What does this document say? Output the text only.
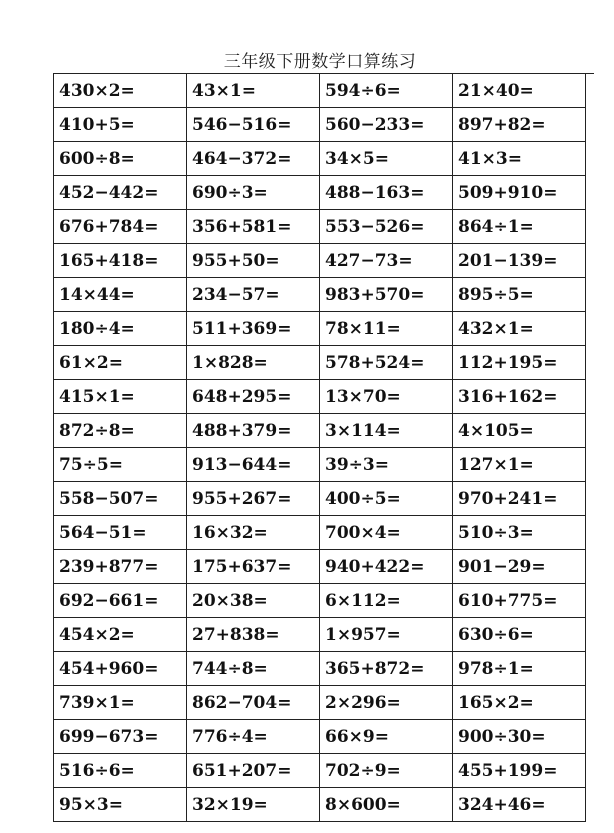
三年级下册数学口算练习
430×2=	43×1=	594÷6=	21×40=
410+5=	546−516=	560−233=	897+82=
600÷8=	464−372=	34×5=	41×3=
452−442=	690÷3=	488−163=	509+910=
676+784=	356+581=	553−526=	864÷1=
165+418=	955+50=	427−73=	201−139=
14×44=	234−57=	983+570=	895÷5=
180÷4=	511+369=	78×11=	432×1=
61×2=	1×828=	578+524=	112+195=
415×1=	648+295=	13×70=	316+162=
872÷8=	488+379=	3×114=	4×105=
75÷5=	913−644=	39÷3=	127×1=
558−507=	955+267=	400÷5=	970+241=
564−51=	16×32=	700×4=	510÷3=
239+877=	175+637=	940+422=	901−29=
692−661=	20×38=	6×112=	610+775=
454×2=	27+838=	1×957=	630÷6=
454+960=	744÷8=	365+872=	978÷1=
739×1=	862−704=	2×296=	165×2=
699−673=	776÷4=	66×9=	900÷30=
516÷6=	651+207=	702÷9=	455+199=
95×3=	32×19=	8×600=	324+46=
